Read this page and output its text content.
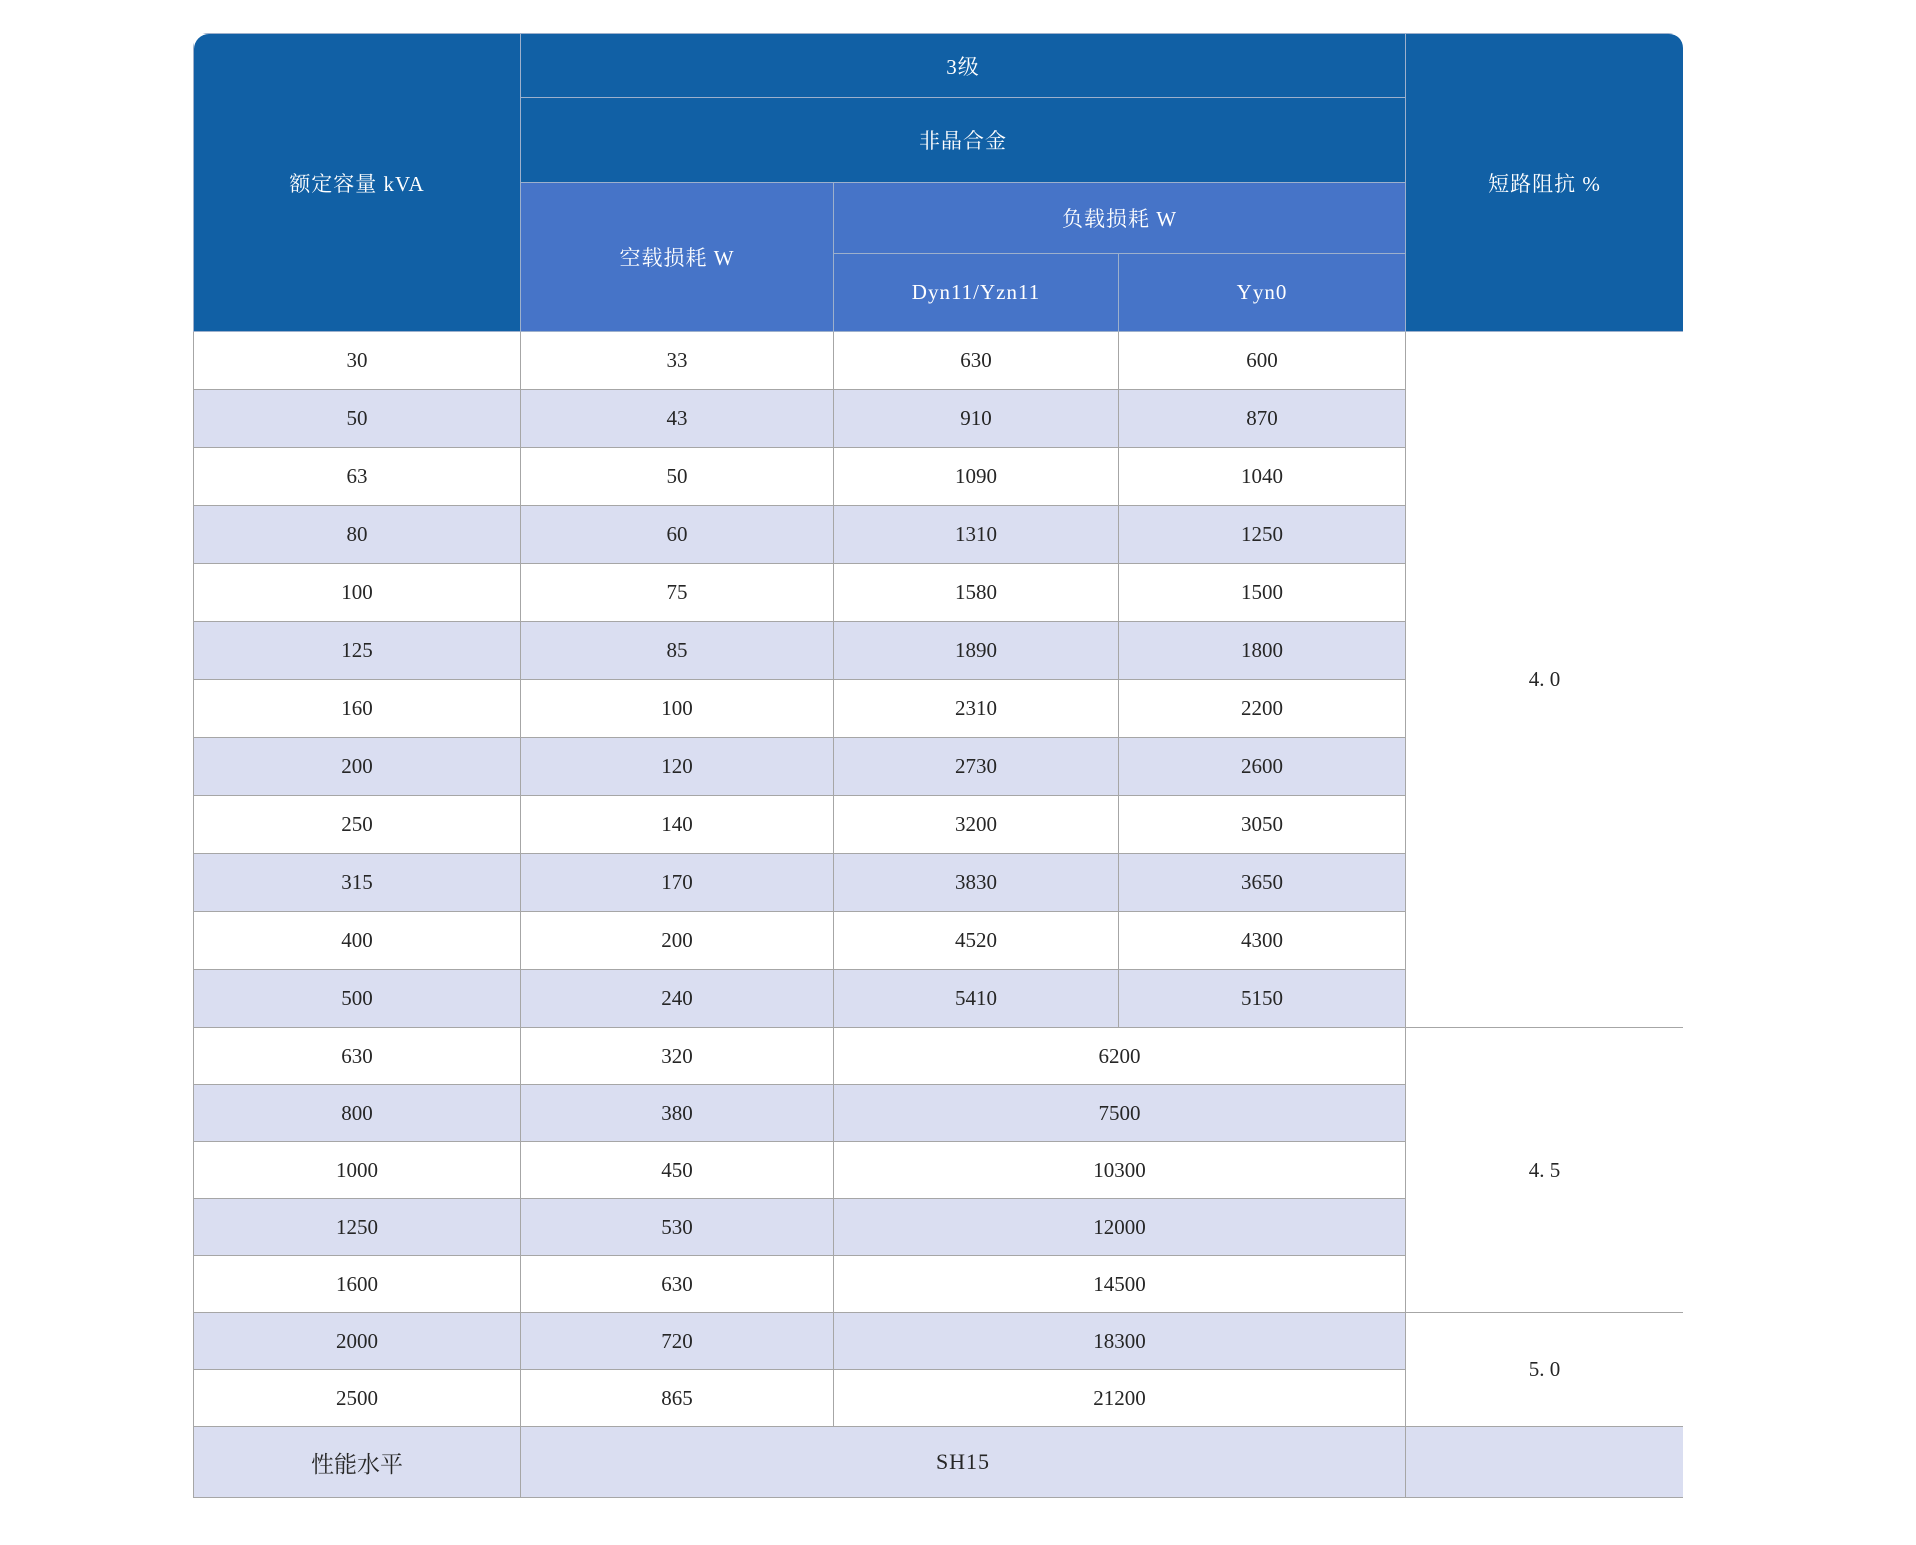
额定容量 kVA	3级			短路阻抗 %
	非晶合金			
	空载损耗 W	负载损耗 W		
		Dyn11/Yzn11	Yyn0	
30	33	630	600	4. 0
50	43	910	870	
63	50	1090	1040	
80	60	1310	1250	
100	75	1580	1500	
125	85	1890	1800	
160	100	2310	2200	
200	120	2730	2600	
250	140	3200	3050	
315	170	3830	3650	
400	200	4520	4300	
500	240	5410	5150	
630	320	6200		4. 5
800	380	7500		
1000	450	10300		
1250	530	12000		
1600	630	14500		
2000	720	18300		5. 0
2500	865	21200		
性能水平	SH15			
